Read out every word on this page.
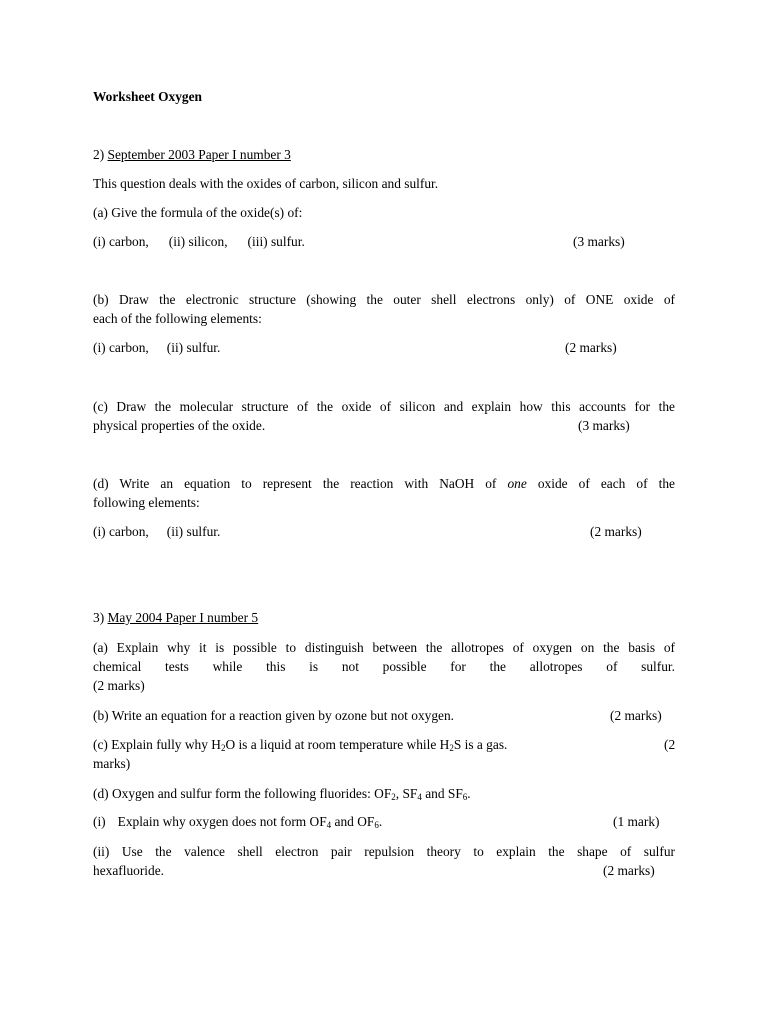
Worksheet Oxygen
2) September 2003 Paper I number 3
This question deals with the oxides of carbon, silicon and sulfur.
(a) Give the formula of the oxide(s) of:
(i) carbon, (ii) silicon, (iii) sulfur.	(3 marks)
(b) Draw the electronic structure (showing the outer shell electrons only) of ONE oxide of
each of the following elements:
(i) carbon, (ii) sulfur.	(2 marks)
(c) Draw the molecular structure of the oxide of silicon and explain how this accounts for the
physical properties of the oxide.	(3 marks)
(d) Write an equation to represent the reaction with NaOH of one oxide of each of the
following elements:
(i) carbon, (ii) sulfur.	(2 marks)
3) May 2004 Paper I number 5
(a) Explain why it is possible to distinguish between the allotropes of oxygen on the basis of
chemical tests while this is not possible for the allotropes of sulfur.
(2 marks)
(b) Write an equation for a reaction given by ozone but not oxygen.	(2 marks)
(c) Explain fully why $H_2O$ is a liquid at room temperature while $H_2S$ is a gas.	(2
marks)
(d) Oxygen and sulfur form the following fluorides: $OF_2$, $SF_4$ and $SF_6$.
(i) Explain why oxygen does not form $OF_4$ and $OF_6$.	(1 mark)
(ii) Use the valence shell electron pair repulsion theory to explain the shape of sulfur
hexafluoride.	(2 marks)
